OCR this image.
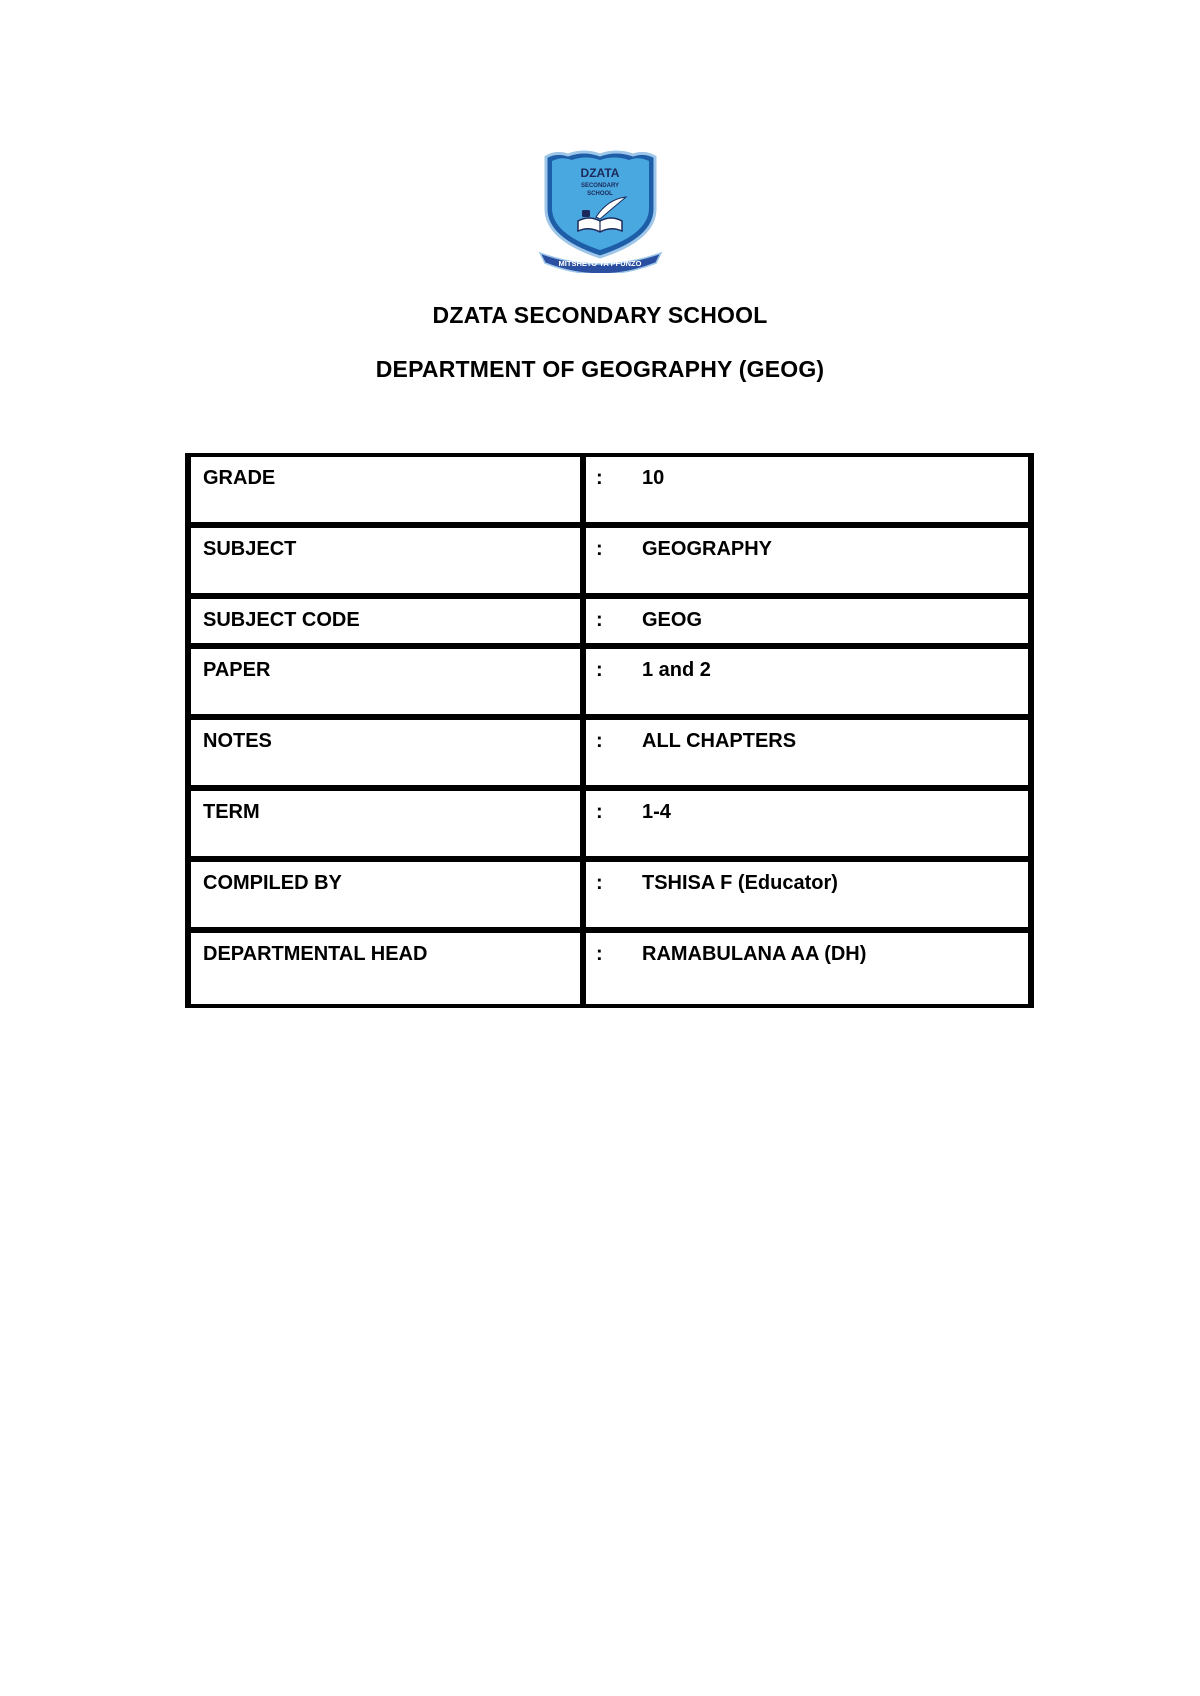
DZATA
SECONDARY
SCHOOL
MITSHETO YA PFUNZO
DZATA SECONDARY SCHOOL
DEPARTMENT OF GEOGRAPHY (GEOG)
GRADE	:	10
SUBJECT	:	GEOGRAPHY
SUBJECT CODE	:	GEOG
PAPER	:	1 and 2
NOTES	:	ALL CHAPTERS
TERM	:	1-4
COMPILED BY	:	TSHISA F (Educator)
DEPARTMENTAL HEAD	:	RAMABULANA AA (DH)
